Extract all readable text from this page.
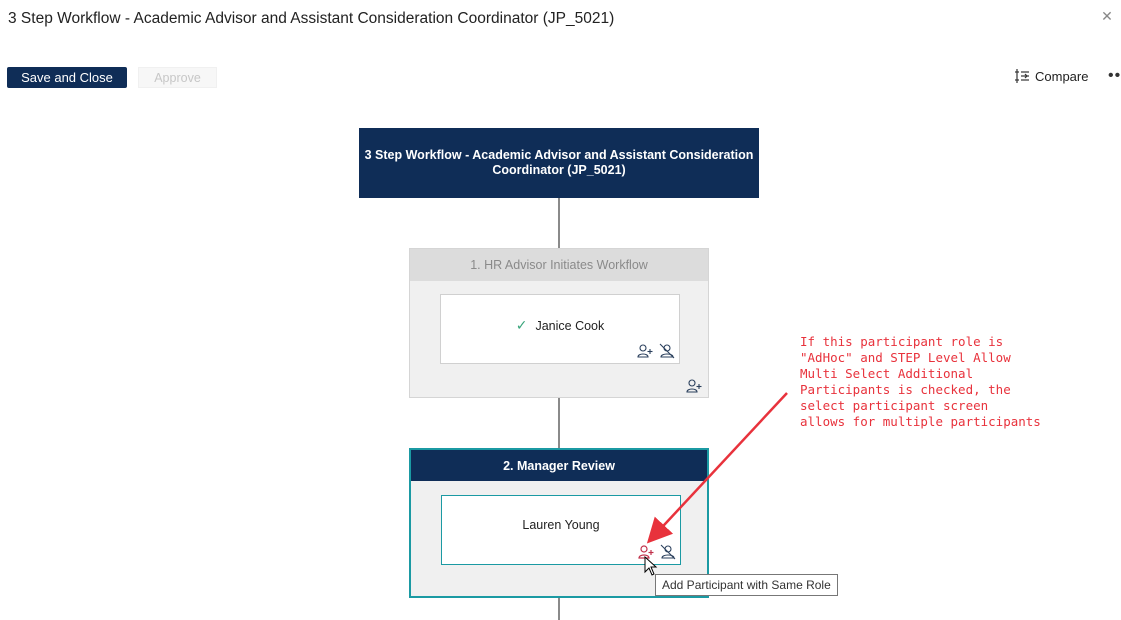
3 Step Workflow - Academic Advisor and Assistant Consideration Coordinator (JP_5021)	✕
Save and Close	Approve	Compare ••
3 Step Workflow - Academic Advisor and Assistant Consideration Coordinator (JP_5021)
1. HR Advisor Initiates Workflow
✓ Janice Cook
2. Manager Review
Lauren Young
If this participant role is
"AdHoc" and STEP Level Allow
Multi Select Additional
Participants is checked, the
select participant screen
allows for multiple participants
Add Participant with Same Role
